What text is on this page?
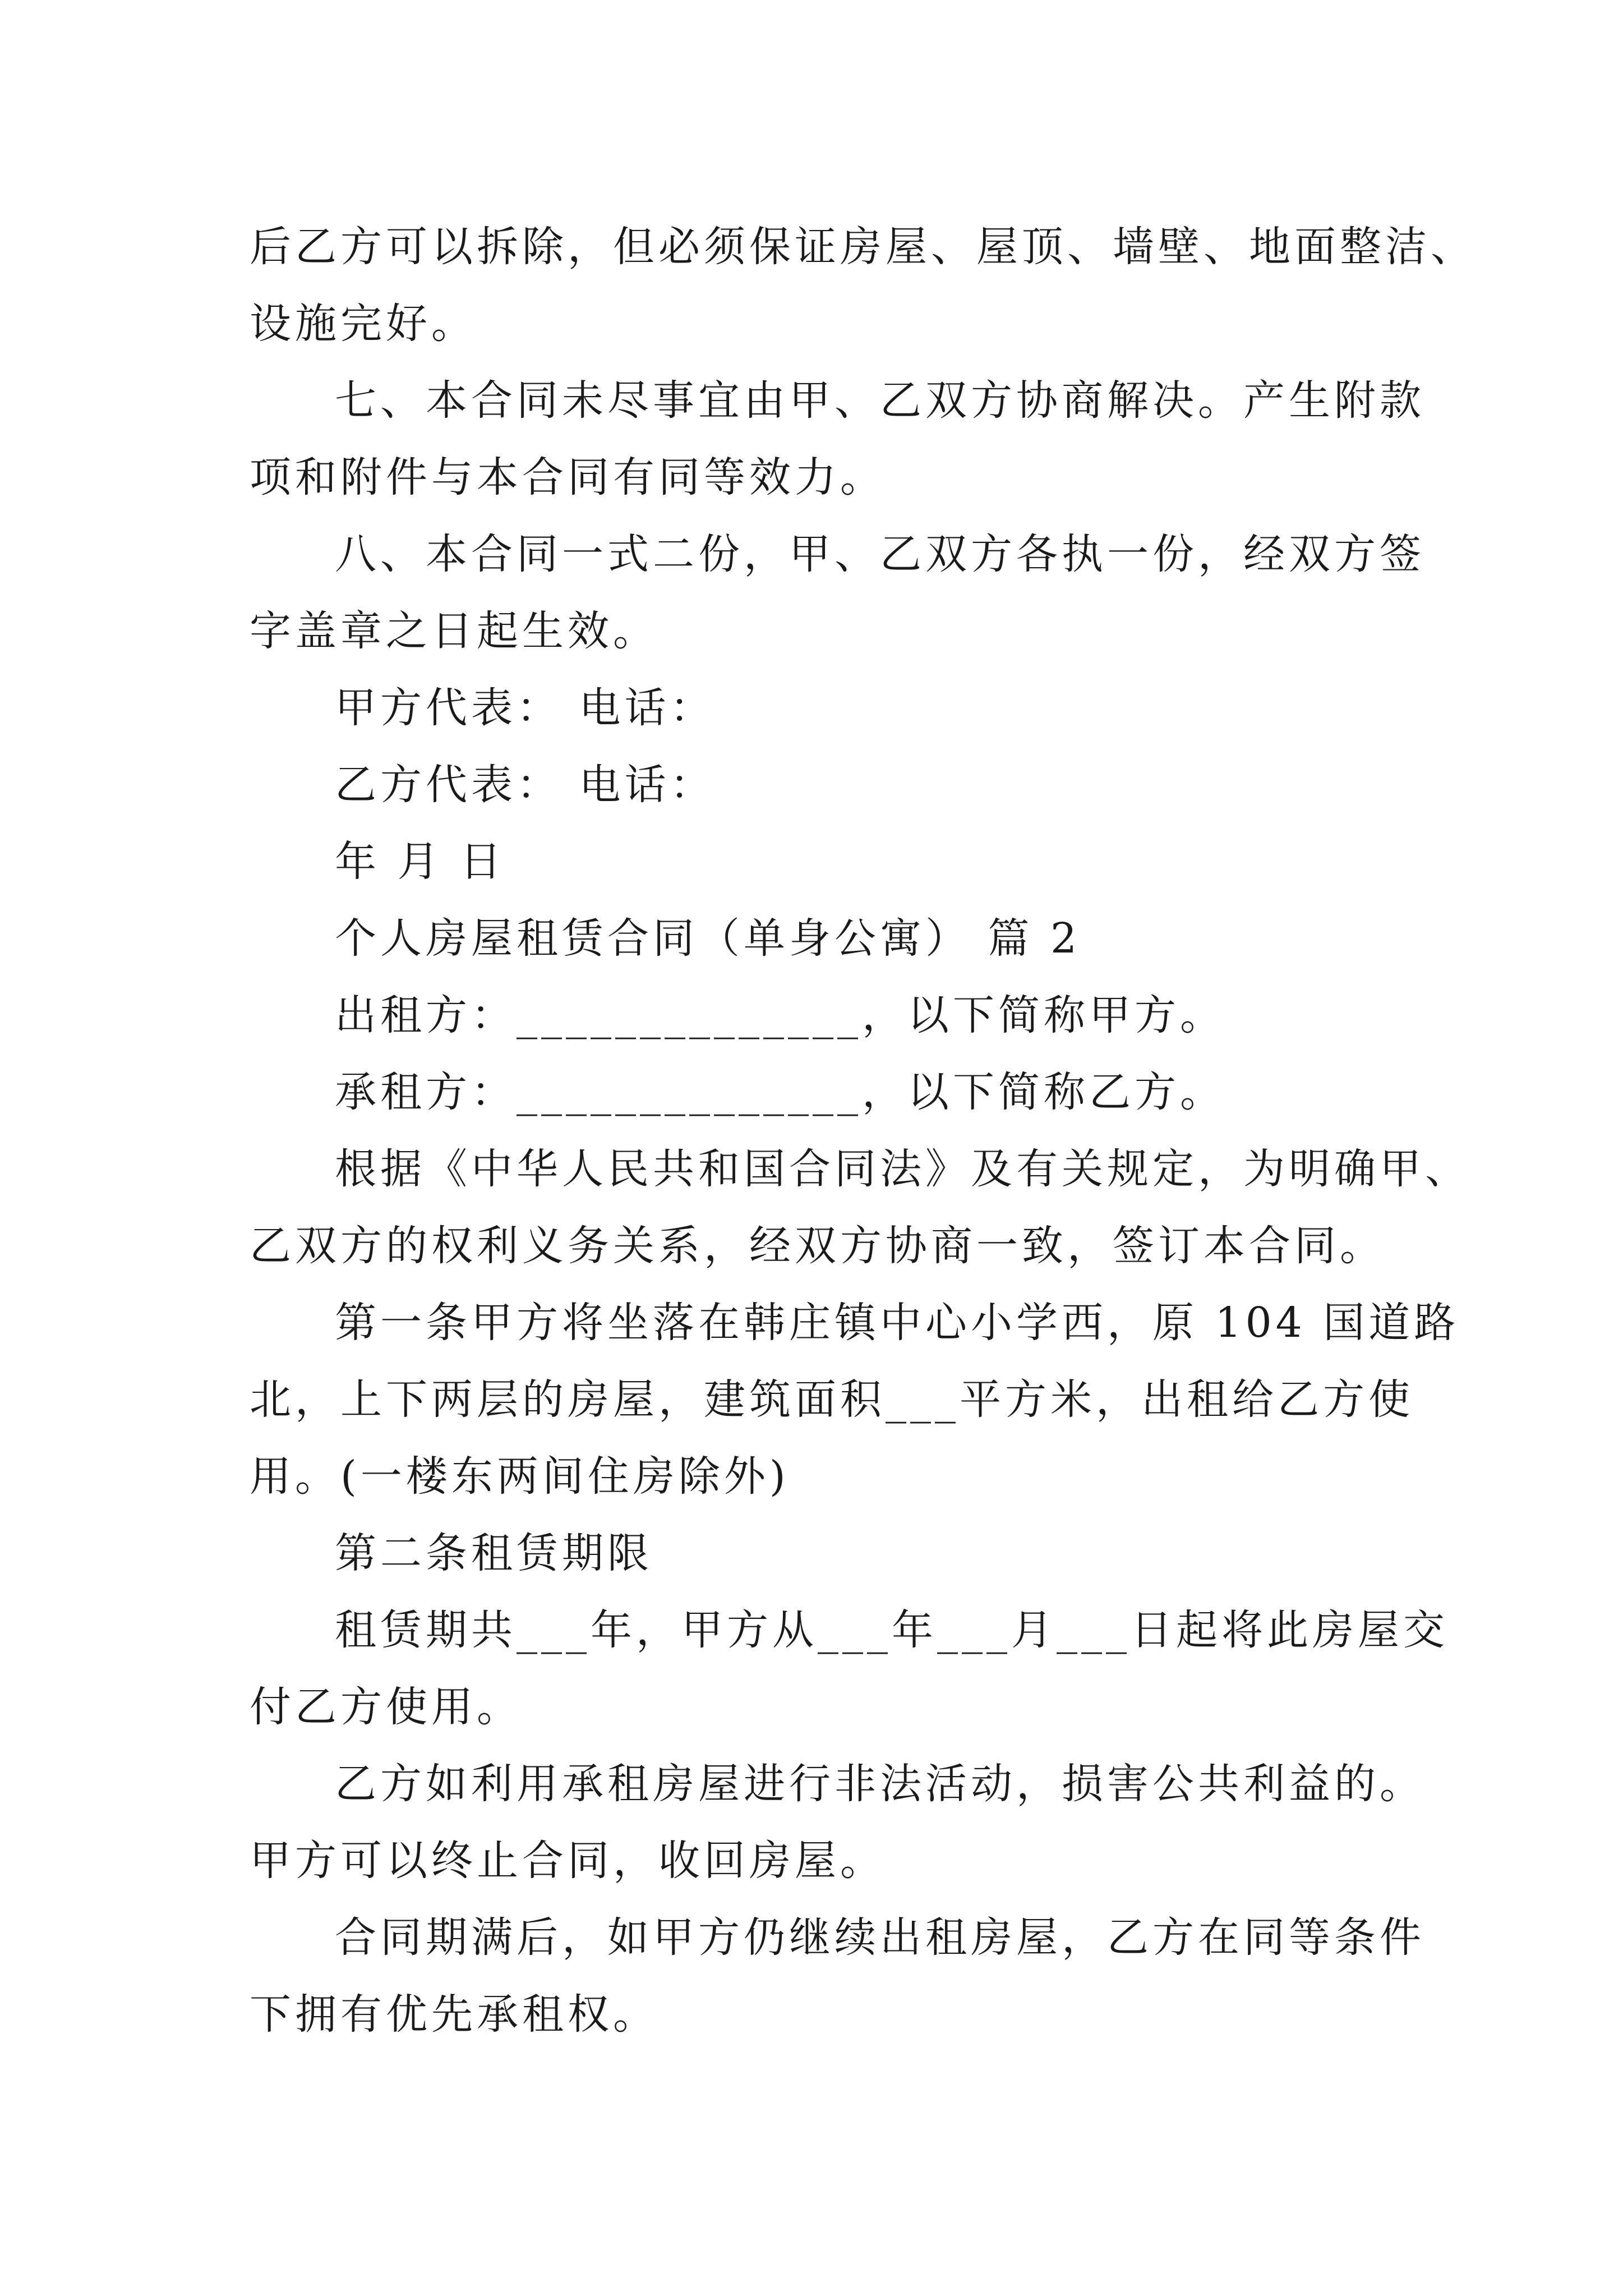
后乙方可以拆除，但必须保证房屋、屋顶、墙壁、地面整洁、
设施完好。
七、本合同未尽事宜由甲、乙双方协商解决。产生附款
项和附件与本合同有同等效力。
八、本合同一式二份，甲、乙双方各执一份，经双方签
字盖章之日起生效。
甲方代表： 电话：
乙方代表： 电话：
年 月 日
个人房屋租赁合同（单身公寓） 篇 2
出租方：______________，以下简称甲方。
承租方：______________，以下简称乙方。
根据《中华人民共和国合同法》及有关规定，为明确甲、
乙双方的权利义务关系，经双方协商一致，签订本合同。
第一条甲方将坐落在韩庄镇中心小学西，原 104 国道路
北，上下两层的房屋，建筑面积___平方米，出租给乙方使
用。(一楼东两间住房除外)
第二条租赁期限
租赁期共___年，甲方从___年___月___日起将此房屋交
付乙方使用。
乙方如利用承租房屋进行非法活动，损害公共利益的。
甲方可以终止合同，收回房屋。
合同期满后，如甲方仍继续出租房屋，乙方在同等条件
下拥有优先承租权。
